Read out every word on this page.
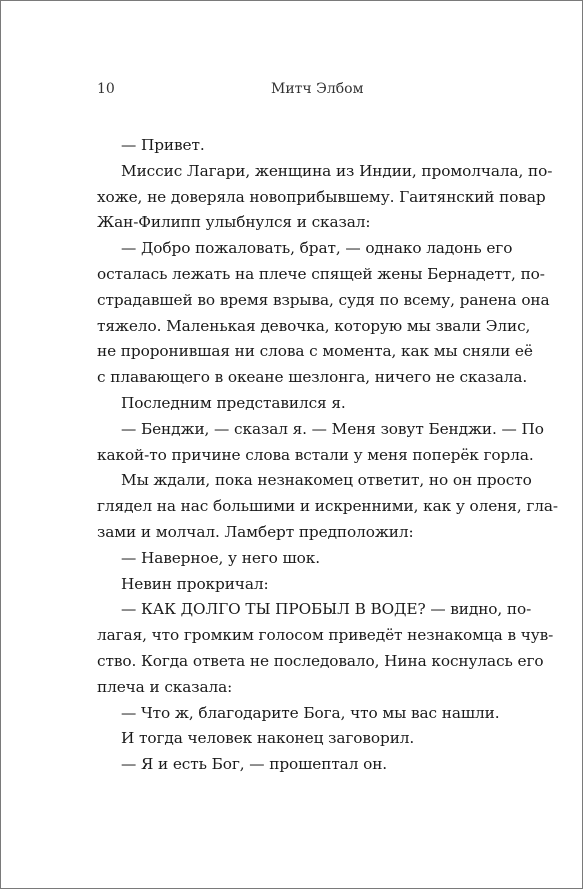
10	Митч Элбом
— Привет.
Миссис Лагари, женщина из Индии, промолчала, по-
хоже, не доверяла новоприбывшему. Гаитянский повар
Жан-Филипп улыбнулся и сказал:
— Добро пожаловать, брат, — однако ладонь его
осталась лежать на плече спящей жены Бернадетт, по-
страдавшей во время взрыва, судя по всему, ранена она
тяжело. Маленькая девочка, которую мы звали Элис,
не проронившая ни слова с момента, как мы сняли её
с плавающего в океане шезлонга, ничего не сказала.
Последним представился я.
— Бенджи, — сказал я. — Меня зовут Бенджи. — По
какой-то причине слова встали у меня поперёк горла.
Мы ждали, пока незнакомец ответит, но он просто
глядел на нас большими и искренними, как у оленя, гла-
зами и молчал. Ламберт предположил:
— Наверное, у него шок.
Невин прокричал:
— КАК ДОЛГО ТЫ ПРОБЫЛ В ВОДЕ? — видно, по-
лагая, что громким голосом приведёт незнакомца в чув-
ство. Когда ответа не последовало, Нина коснулась его
плеча и сказала:
— Что ж, благодарите Бога, что мы вас нашли.
И тогда человек наконец заговорил.
— Я и есть Бог, — прошептал он.
